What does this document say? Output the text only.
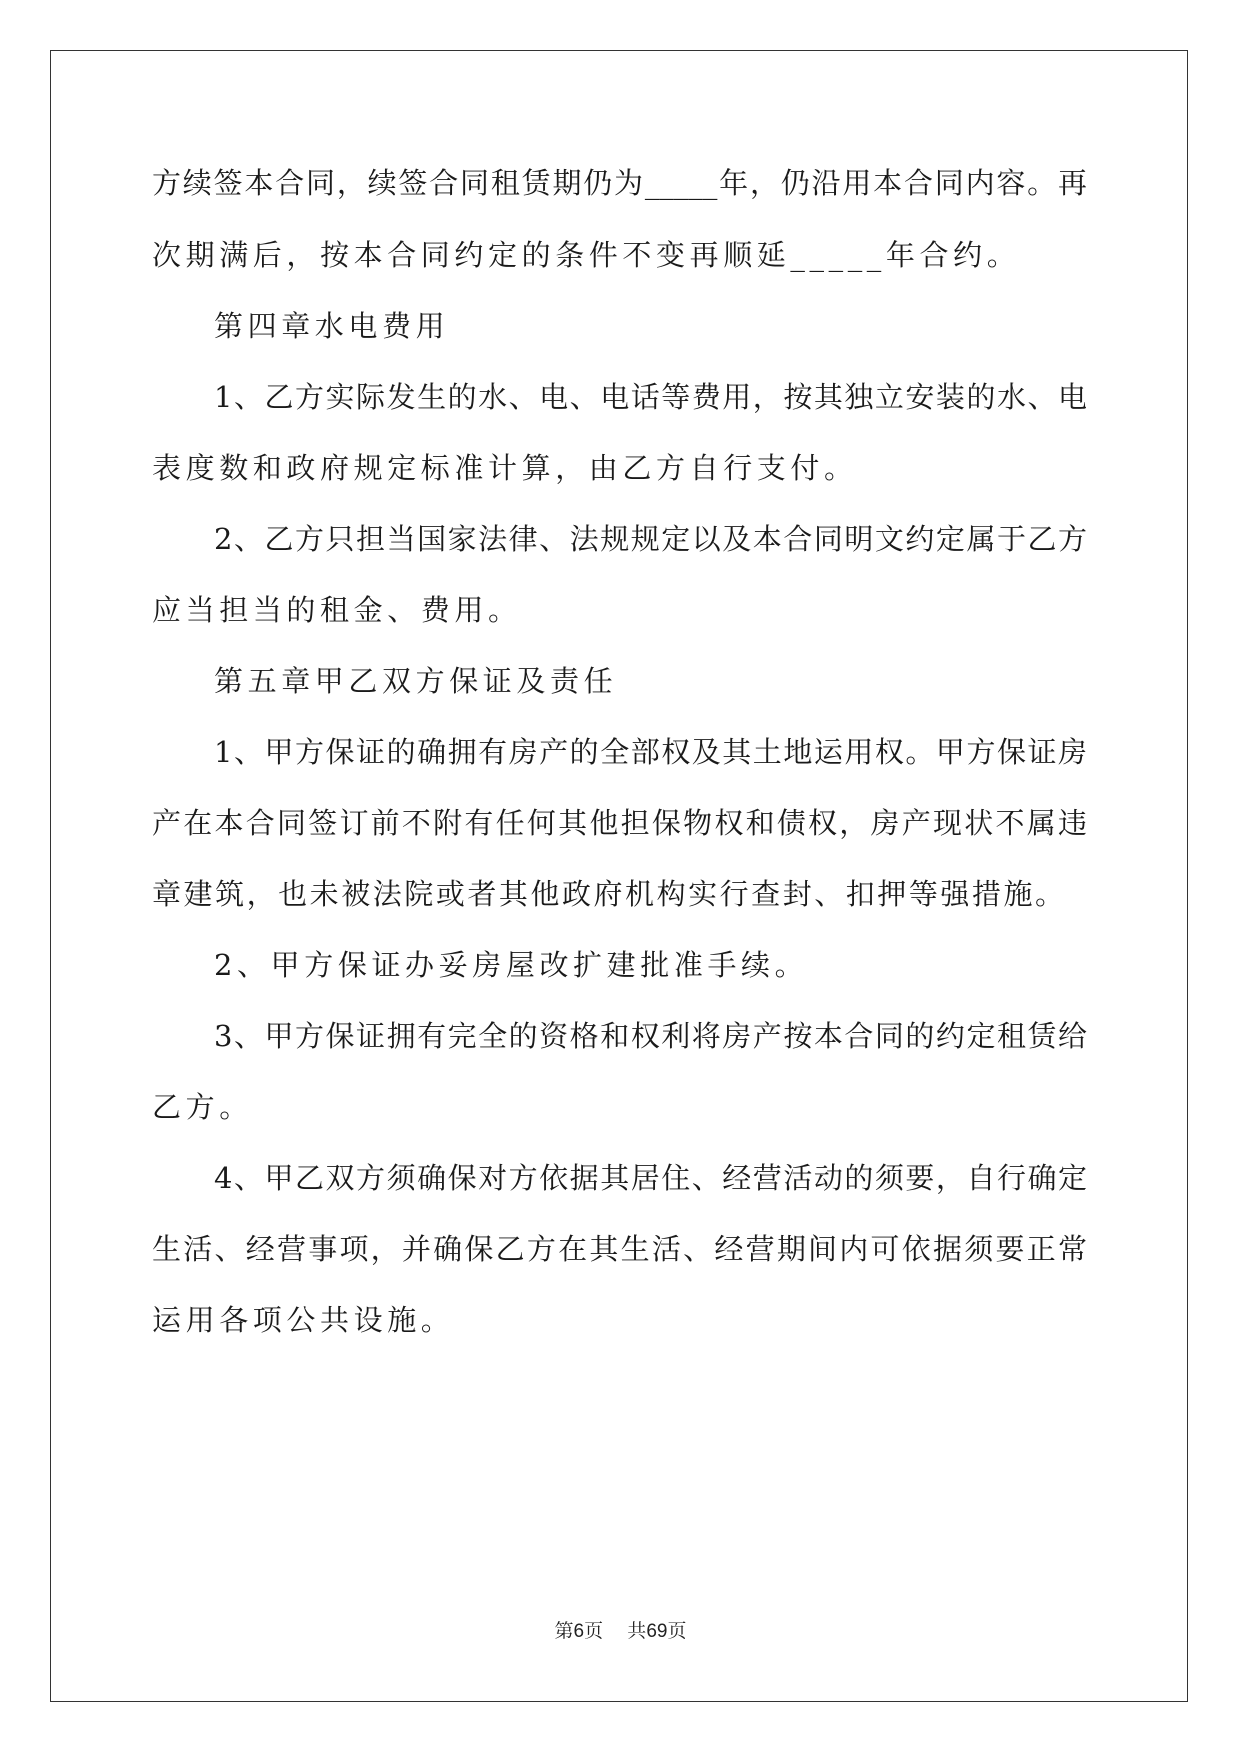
方续签本合同，续签合同租赁期仍为_____年，仍沿用本合同内容。再
次期满后，按本合同约定的条件不变再顺延_____年合约。
第四章水电费用
1、乙方实际发生的水、电、电话等费用，按其独立安装的水、电
表度数和政府规定标准计算，由乙方自行支付。
2、乙方只担当国家法律、法规规定以及本合同明文约定属于乙方
应当担当的租金、费用。
第五章甲乙双方保证及责任
1、甲方保证的确拥有房产的全部权及其土地运用权。甲方保证房
产在本合同签订前不附有任何其他担保物权和债权，房产现状不属违
章建筑，也未被法院或者其他政府机构实行查封、扣押等强措施。
2、甲方保证办妥房屋改扩建批准手续。
3、甲方保证拥有完全的资格和权利将房产按本合同的约定租赁给
乙方。
4、甲乙双方须确保对方依据其居住、经营活动的须要，自行确定
生活、经营事项，并确保乙方在其生活、经营期间内可依据须要正常
运用各项公共设施。
第6页 共69页
